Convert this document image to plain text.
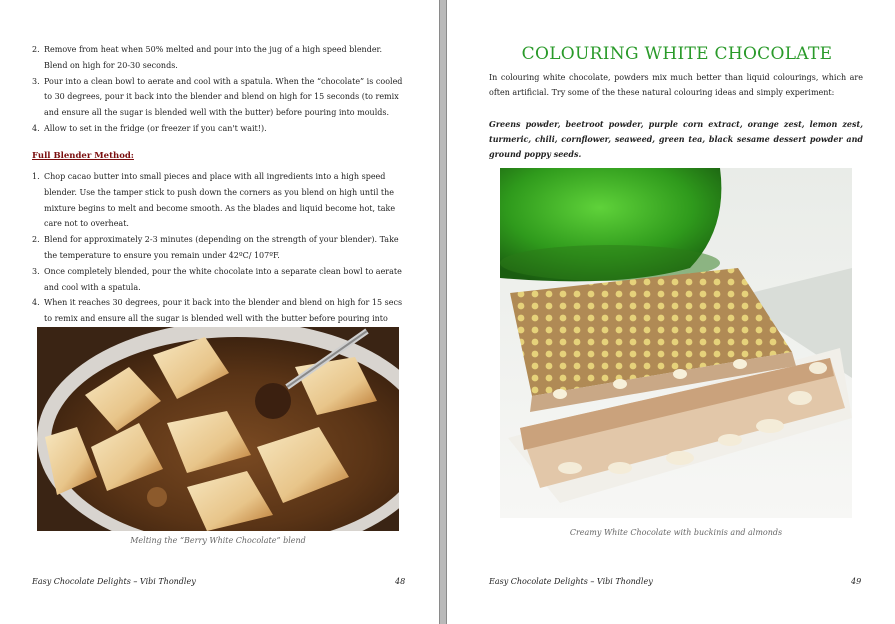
2. Remove from heat when 50% melted and pour into the jug of a high speed blender. Blend on high for 20-30 seconds.
3. Pour into a clean bowl to aerate and cool with a spatula. When the “chocolate” is cooled to 30 degrees, pour it back into the blender and blend on high for 15 seconds (to remix and ensure all the sugar is blended well with the butter) before pouring into moulds.
4. Allow to set in the fridge (or freezer if you can't wait!).
Full Blender Method:
1. Chop cacao butter into small pieces and place with all ingredients into a high speed blender. Use the tamper stick to push down the corners as you blend on high until the mixture begins to melt and become smooth. As the blades and liquid become hot, take care not to overheat.
2. Blend for approximately 2-3 minutes (depending on the strength of your blender). Take the temperature to ensure you remain under 42ºC/ 107ºF.
3. Once completely blended, pour the white chocolate into a separate clean bowl to aerate and cool with a spatula.
4. When it reaches 30 degrees, pour it back into the blender and blend on high for 15 secs to remix and ensure all the sugar is blended well with the butter before pouring into
Melting the “Berry White Chocolate” blend
Easy Chocolate Delights – Vibi Thondley	48
COLOURING WHITE CHOCOLATE
In colouring white chocolate, powders mix much better than liquid colourings, which are often artificial. Try some of the these natural colouring ideas and simply experiment:
Greens powder, beetroot powder, purple corn extract, orange zest, lemon zest, turmeric, chili, cornflower, seaweed, green tea, black sesame dessert powder and ground poppy seeds.
Creamy White Chocolate with buckinis and almonds
Easy Chocolate Delights – Vibi Thondley	49
